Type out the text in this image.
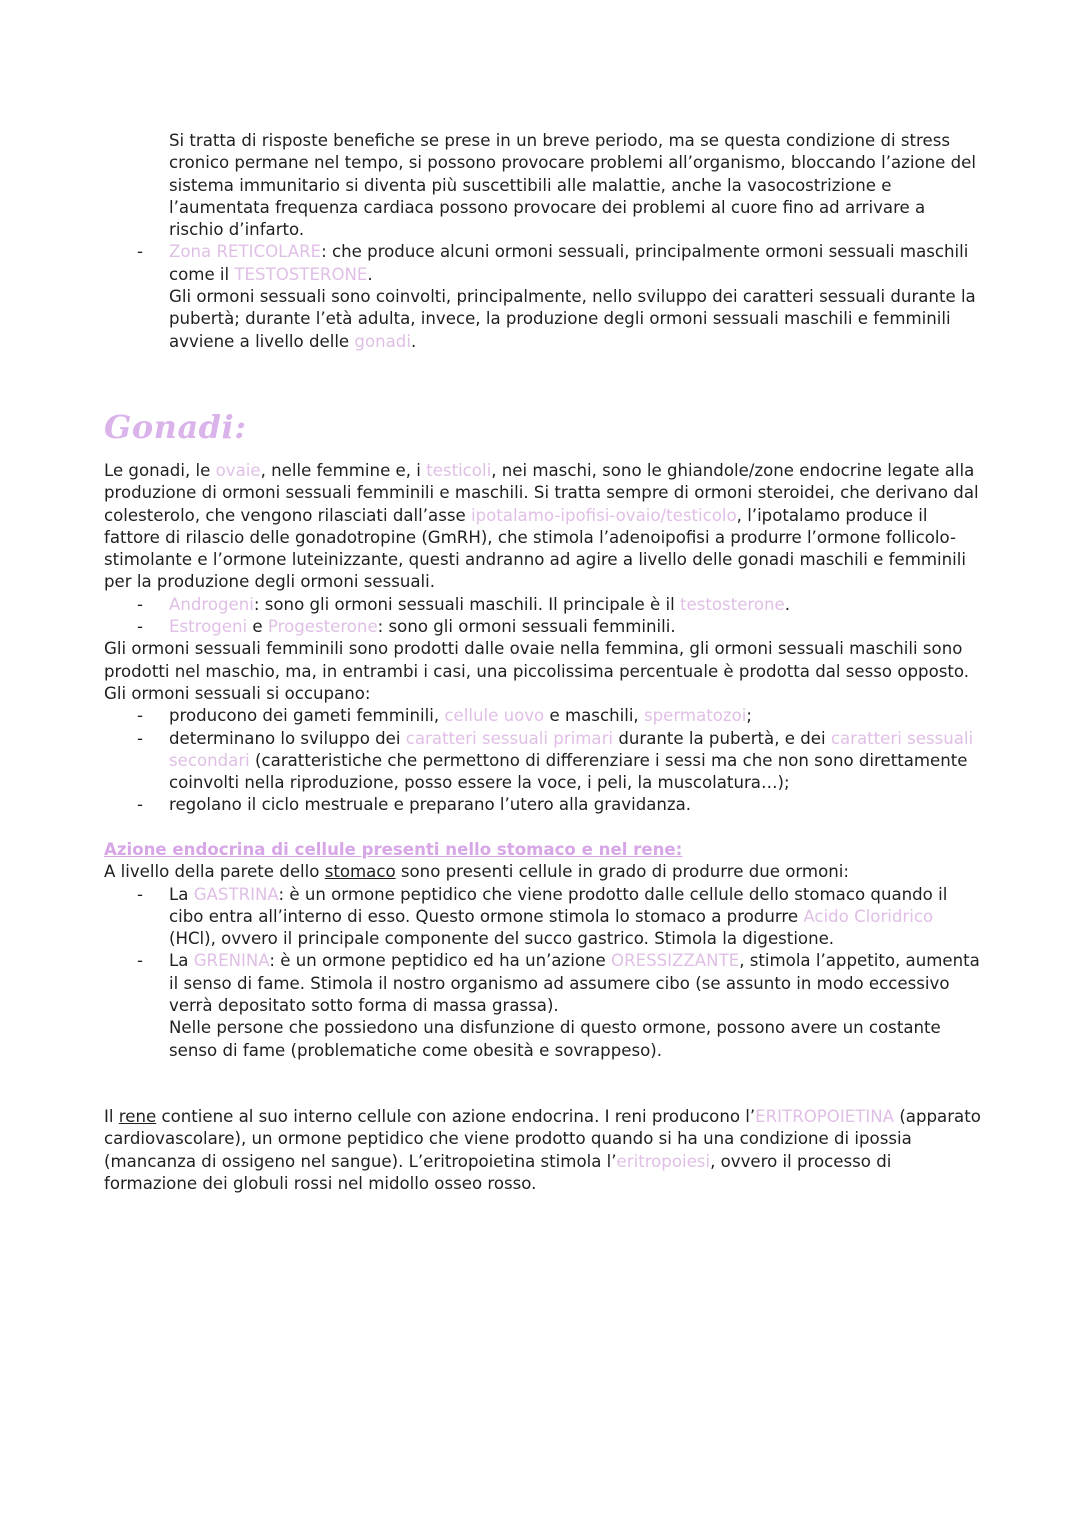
Si tratta di risposte benefiche se prese in un breve periodo, ma se questa condizione di stress cronico permane nel tempo, si possono provocare problemi all’organismo, bloccando l’azione del sistema immunitario si diventa più suscettibili alle malattie, anche la vasocostrizione e l’aumentata frequenza cardiaca possono provocare dei problemi al cuore fino ad arrivare a rischio d’infarto.

- Zona RETICOLARE: che produce alcuni ormoni sessuali, principalmente ormoni sessuali maschili come il TESTOSTERONE.

Gli ormoni sessuali sono coinvolti, principalmente, nello sviluppo dei caratteri sessuali durante la pubertà; durante l’età adulta, invece, la produzione degli ormoni sessuali maschili e femminili avviene a livello delle gonadi.

Gonadi:

Le gonadi, le ovaie, nelle femmine e, i testicoli, nei maschi, sono le ghiandole/zone endocrine legate alla produzione di ormoni sessuali femminili e maschili. Si tratta sempre di ormoni steroidei, che derivano dal colesterolo, che vengono rilasciati dall’asse ipotalamo-ipofisi-ovaio/testicolo, l’ipotalamo produce il fattore di rilascio delle gonadotropine (GmRH), che stimola l’adenoipofisi a produrre l’ormone follicolo-stimolante e l’ormone luteinizzante, questi andranno ad agire a livello delle gonadi maschili e femminili per la produzione degli ormoni sessuali.

- Androgeni: sono gli ormoni sessuali maschili. Il principale è il testosterone.

- Estrogeni e Progesterone: sono gli ormoni sessuali femminili.

Gli ormoni sessuali femminili sono prodotti dalle ovaie nella femmina, gli ormoni sessuali maschili sono prodotti nel maschio, ma, in entrambi i casi, una piccolissima percentuale è prodotta dal sesso opposto. Gli ormoni sessuali si occupano:

- producono dei gameti femminili, cellule uovo e maschili, spermatozoi;

- determinano lo sviluppo dei caratteri sessuali primari durante la pubertà, e dei caratteri sessuali secondari (caratteristiche che permettono di differenziare i sessi ma che non sono direttamente coinvolti nella riproduzione, posso essere la voce, i peli, la muscolatura…);

- regolano il ciclo mestruale e preparano l’utero alla gravidanza.

Azione endocrina di cellule presenti nello stomaco e nel rene:

A livello della parete dello stomaco sono presenti cellule in grado di produrre due ormoni:

- La GASTRINA: è un ormone peptidico che viene prodotto dalle cellule dello stomaco quando il cibo entra all’interno di esso. Questo ormone stimola lo stomaco a produrre Acido Cloridrico (HCl), ovvero il principale componente del succo gastrico. Stimola la digestione.

- La GRENINA: è un ormone peptidico ed ha un’azione ORESSIZZANTE, stimola l’appetito, aumenta il senso di fame. Stimola il nostro organismo ad assumere cibo (se assunto in modo eccessivo verrà depositato sotto forma di massa grassa).

Nelle persone che possiedono una disfunzione di questo ormone, possono avere un costante senso di fame (problematiche come obesità e sovrappeso).

Il rene contiene al suo interno cellule con azione endocrina. I reni producono l’ERITROPOIETINA (apparato cardiovascolare), un ormone peptidico che viene prodotto quando si ha una condizione di ipossia (mancanza di ossigeno nel sangue). L’eritropoietina stimola l’eritropoiesi, ovvero il processo di formazione dei globuli rossi nel midollo osseo rosso.
